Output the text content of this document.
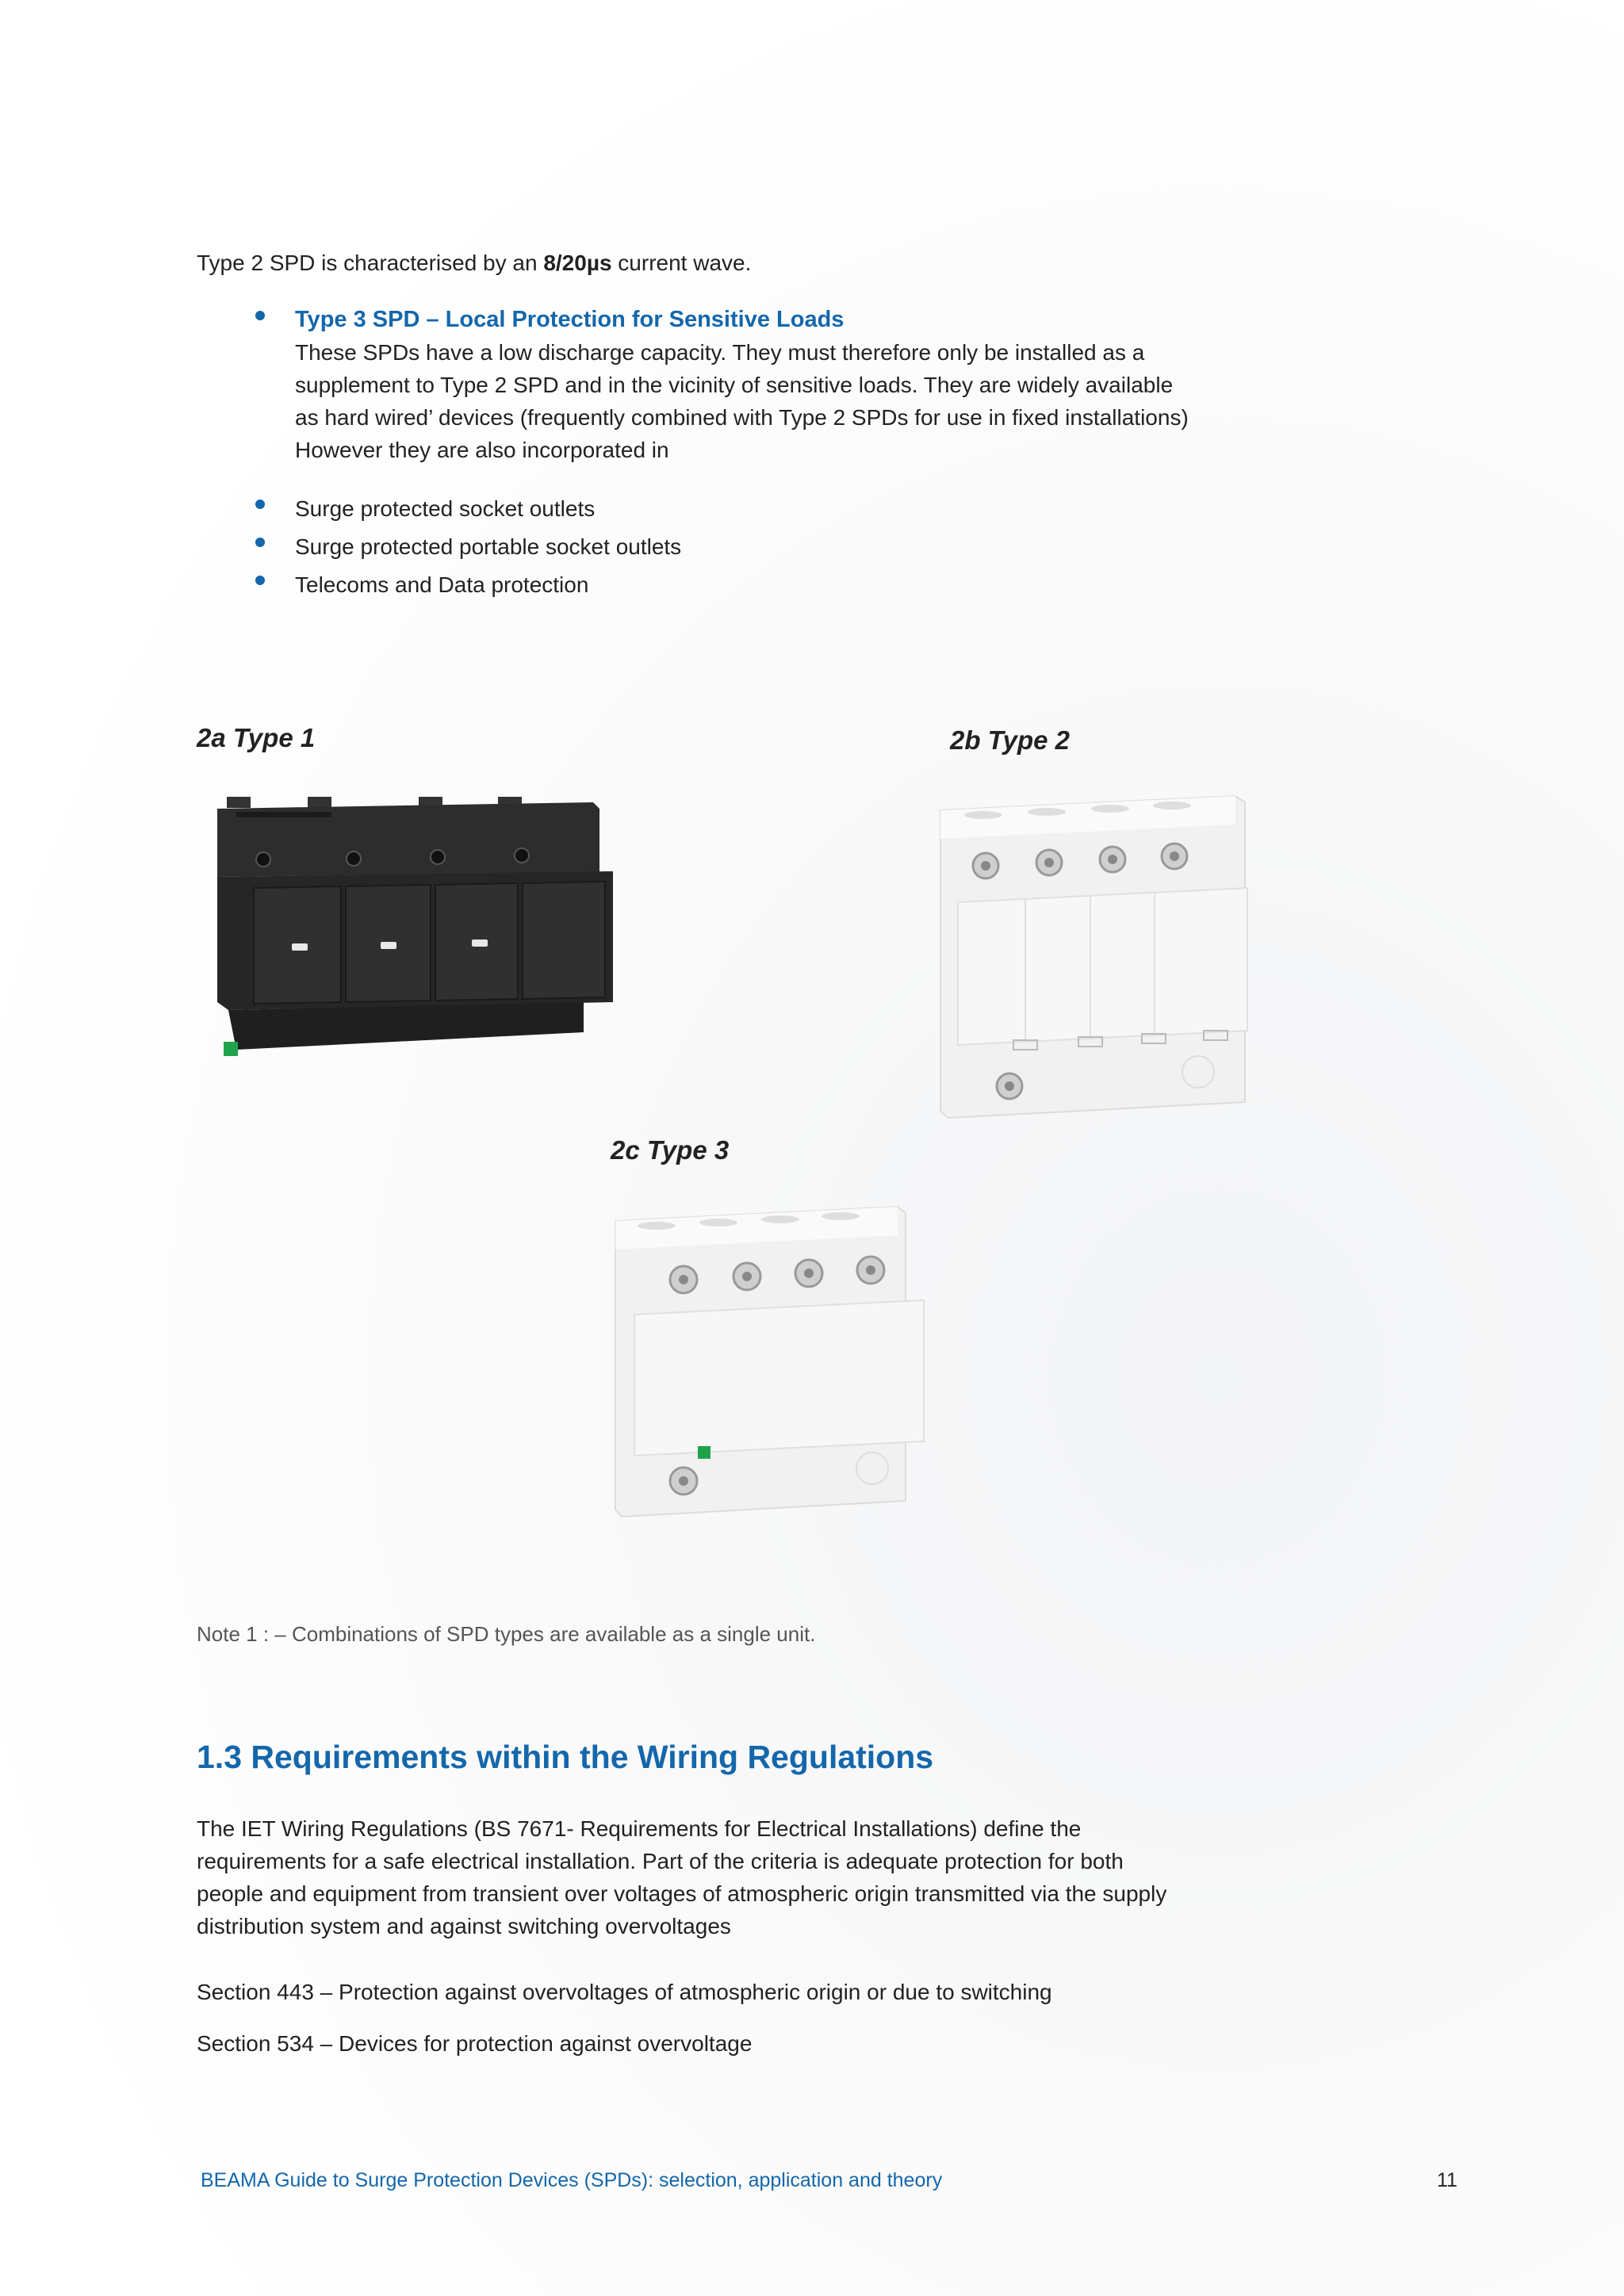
Type 2 SPD is characterised by an 8/20µs current wave.
Type 3 SPD – Local Protection for Sensitive Loads
These SPDs have a low discharge capacity. They must therefore only be installed as a
supplement to Type 2 SPD and in the vicinity of sensitive loads. They are widely available
as hard wired’ devices (frequently combined with Type 2 SPDs for use in fixed installations)
However they are also incorporated in
Surge protected socket outlets
Surge protected portable socket outlets
Telecoms and Data protection
2a Type 1	2b Type 2
2c Type 3
Note 1 : – Combinations of SPD types are available as a single unit.
1.3 Requirements within the Wiring Regulations
The IET Wiring Regulations (BS 7671- Requirements for Electrical Installations) define the
requirements for a safe electrical installation. Part of the criteria is adequate protection for both
people and equipment from transient over voltages of atmospheric origin transmitted via the supply
distribution system and against switching overvoltages
Section 443 – Protection against overvoltages of atmospheric origin or due to switching
Section 534 – Devices for protection against overvoltage
BEAMA Guide to Surge Protection Devices (SPDs): selection, application and theory	11
